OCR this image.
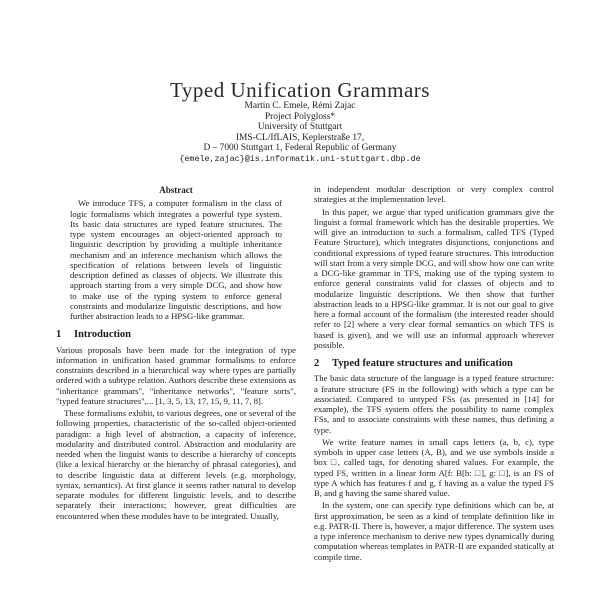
Typed Unification Grammars
Martin C. Emele, Rémi Zajac
Project Polygloss*
University of Stuttgart
IMS-CL/IfLAIS, Keplerstraße 17,
D – 7000 Stuttgart 1, Federal Republic of Germany
{emele,zajac}@is.informatik.uni-stuttgart.dbp.de
Abstract

We introduce TFS, a computer formalism in the class of logic formalisms which integrates a powerful type system. Its basic data structures are typed feature structures. The type system encourages an object-oriented approach to linguistic description by providing a multiple inheritance mechanism and an inference mechanism which allows the specification of relations between levels of linguistic description defined as classes of objects. We illustrate this approach starting from a very simple DCG, and show how to make use of the typing system to enforce general constraints and modularize linguistic descriptions, and how further abstraction leads to a HPSG-like grammar.

1 Introduction

Various proposals have been made for the integration of type information in unification based grammar formalisms to enforce constraints described in a hierarchical way where types are partially ordered with a subtype relation. Authors describe these extensions as "inheritance grammars", "inheritance networks", "feature sorts", "typed feature structures",... [1, 3, 5, 13, 17, 15, 9, 11, 7, 8].

These formalisms exhibit, to various degrees, one or several of the following properties, characteristic of the so-called object-oriented paradigm: a high level of abstraction, a capacity of inference, modularity and distributed control. Abstraction and modularity are needed when the linguist wants to describe a hierarchy of concepts (like a lexical hierarchy or the hierarchy of phrasal categories), and to describe linguistic data at different levels (e.g. morphology, syntax, semantics). At first glance it seems rather natural to develop separate modules for different linguistic levels, and to describe separately their interactions; however, great difficulties are encountered when these modules have to be integrated. Usually,

in independent modular description or very complex control strategies at the implementation level.

In this paper, we argue that typed unification grammars give the linguist a formal framework which has the desirable properties. We will give an introduction to such a formalism, called TFS (Typed Feature Structure), which integrates disjunctions, conjunctions and conditional expressions of typed feature structures. This introduction will start from a very simple DCG, and will show how one can write a DCG-like grammar in TFS, making use of the typing system to enforce general constraints valid for classes of objects and to modularize linguistic descriptions. We then show that further abstraction leads to a HPSG-like grammar. It is not our goal to give here a formal account of the formalism (the interested reader should refer to [2] where a very clear formal semantics on which TFS is based is given), and we will use an informal approach wherever possible.

2 Typed feature structures and unification

The basic data structure of the language is a typed feature structure: a feature structure (FS in the following) with which a type can be associated. Compared to untyped FSs (as presented in [14] for example), the TFS system offers the possibility to name complex FSs, and to associate constraints with these names, thus defining a type.

We write feature names in small caps letters (a, b, c), type symbols in upper case letters (A, B), and we use symbols inside a box □, called tags, for denoting shared values. For example, the typed FS, written in a linear form A[f: B[h: □], g: □], is an FS of type A which has features f and g, f having as a value the typed FS B, and g having the same shared value.

In the system, one can specify type definitions which can be, at first approximation, be seen as a kind of template definition like in e.g. PATR-II. There is, however, a major difference. The system uses a type inference mechanism to derive new types dynamically during computation whereas templates in PATR-II are expanded statically at compile time.
